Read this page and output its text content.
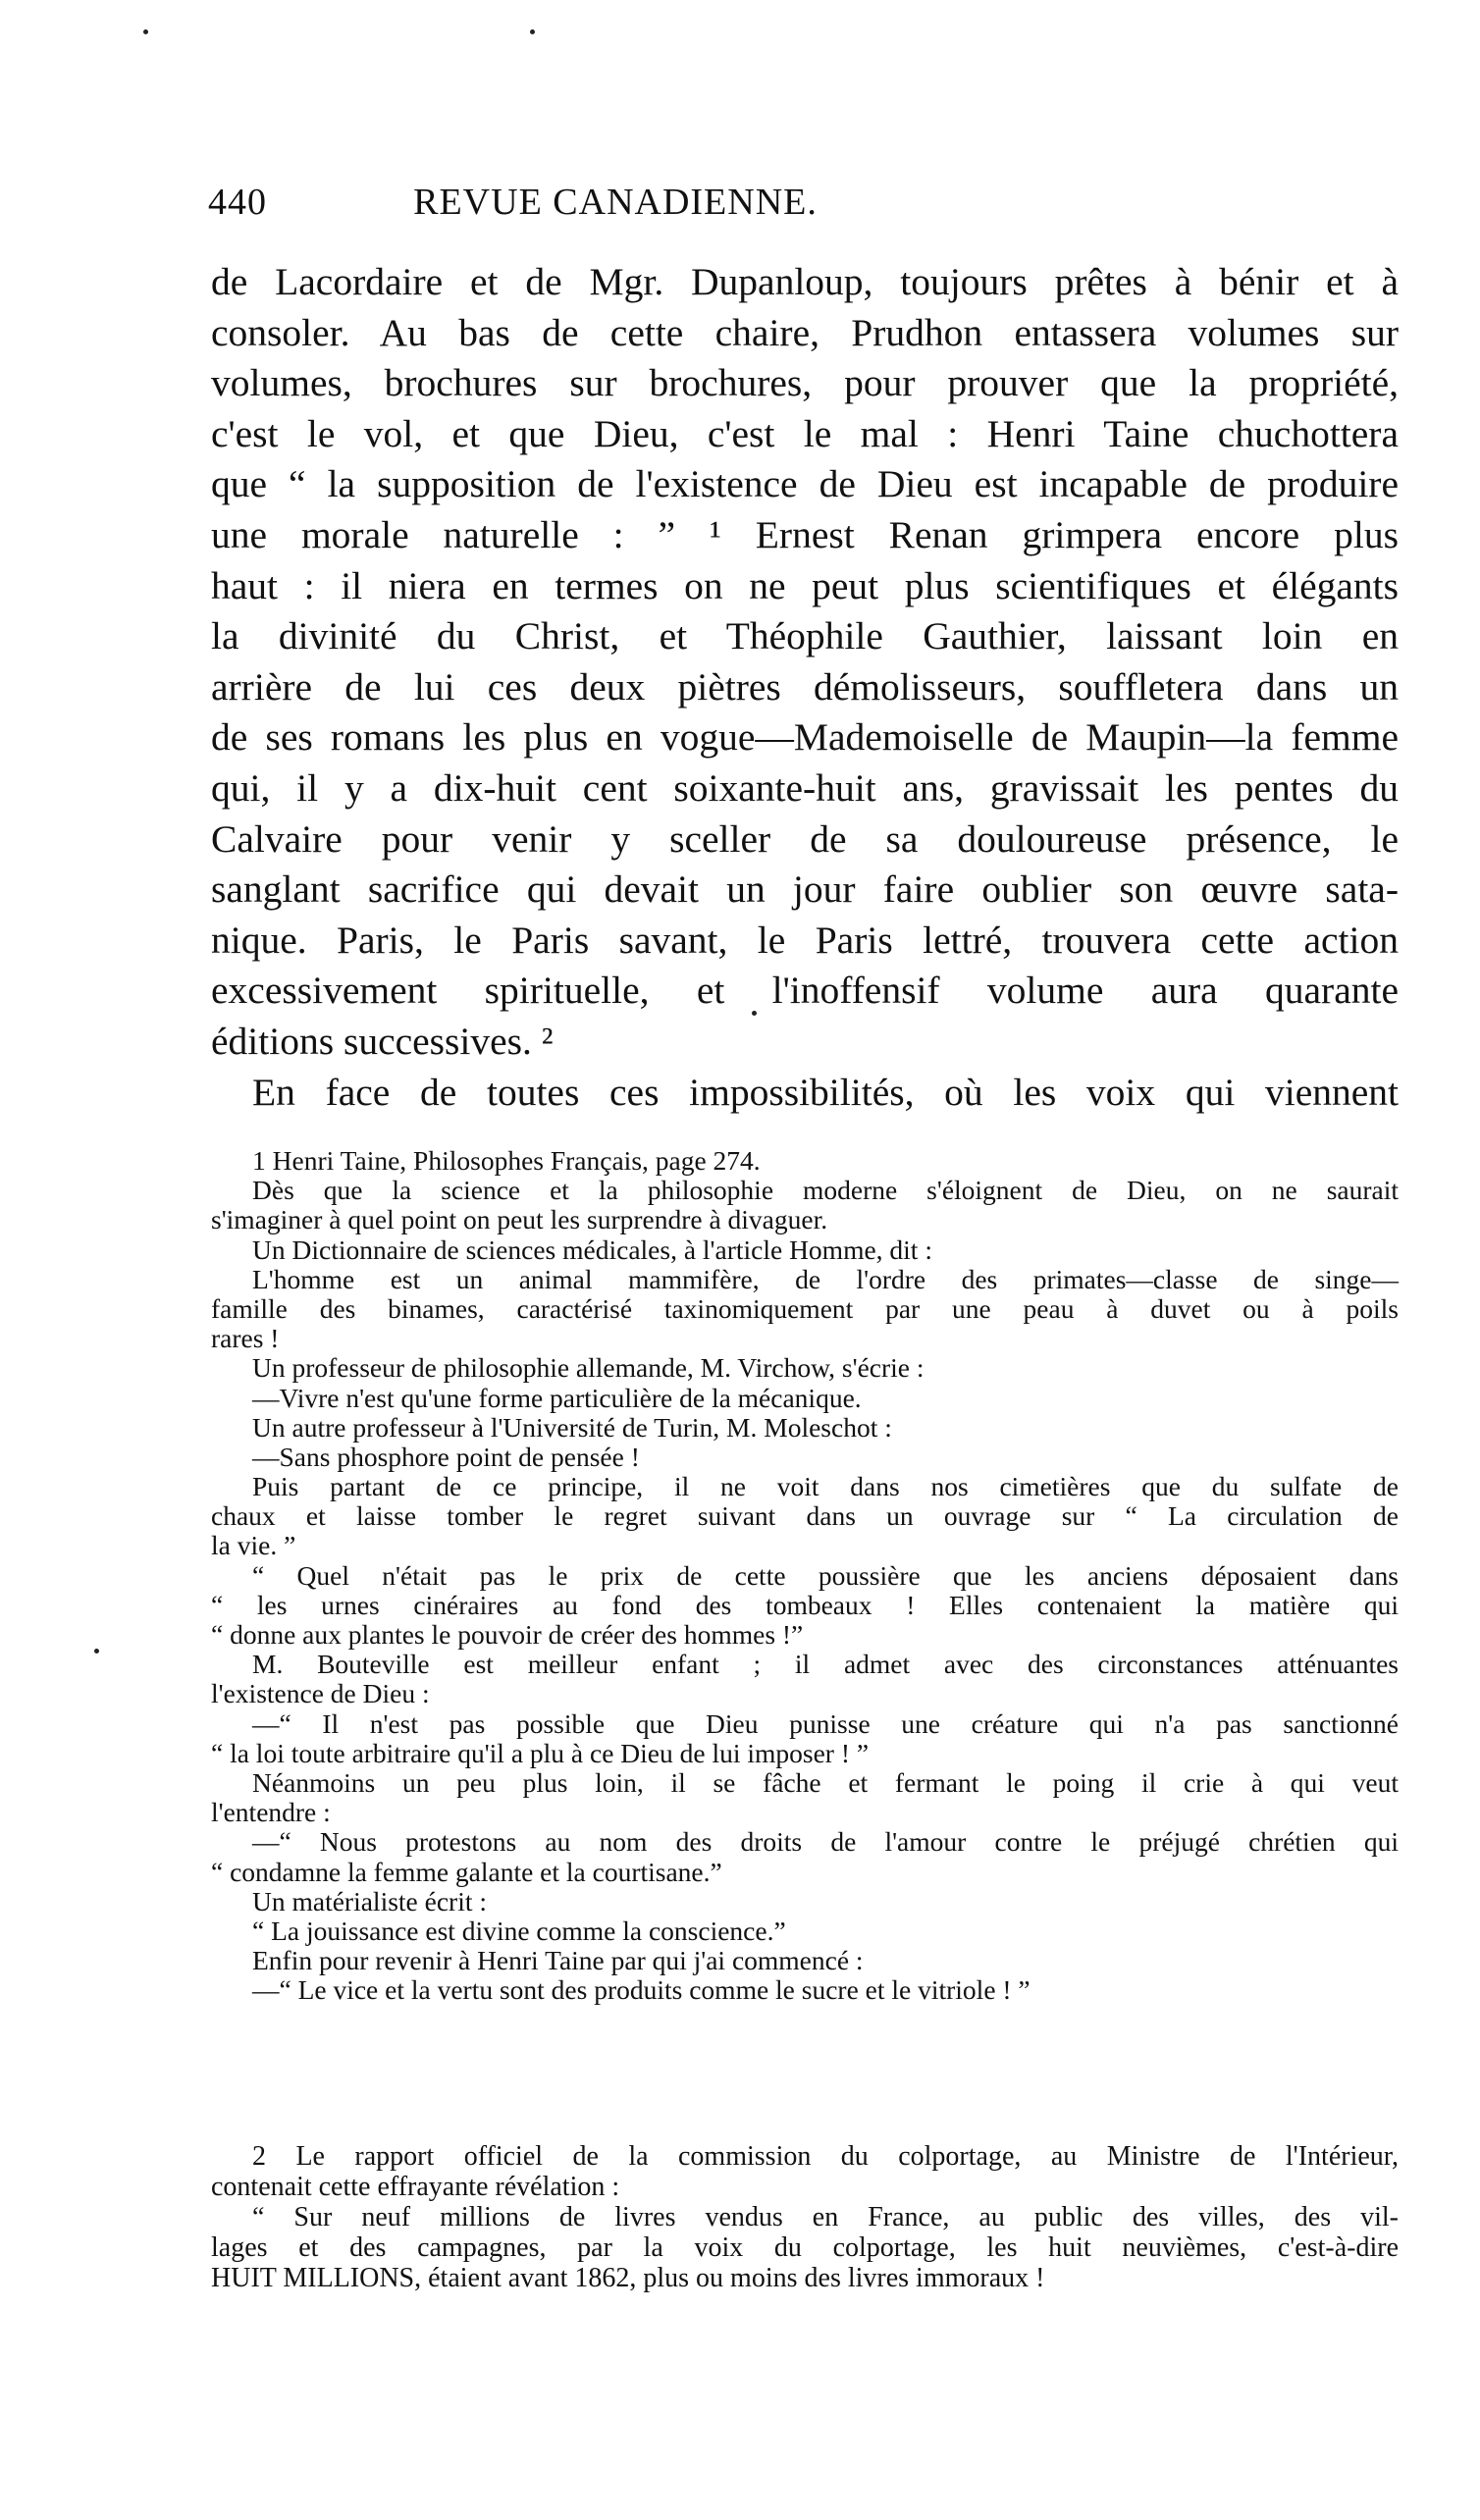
440	REVUE CANADIENNE.
de Lacordaire et de Mgr. Dupanloup, toujours prêtes à bénir et à
consoler. Au bas de cette chaire, Prudhon entassera volumes sur
volumes, brochures sur brochures, pour prouver que la propriété,
c'est le vol, et que Dieu, c'est le mal : Henri Taine chuchottera
que “ la supposition de l'existence de Dieu est incapable de produire
une morale naturelle : ” ¹ Ernest Renan grimpera encore plus
haut : il niera en termes on ne peut plus scientifiques et élégants
la divinité du Christ, et Théophile Gauthier, laissant loin en
arrière de lui ces deux piètres démolisseurs, souffletera dans un
de ses romans les plus en vogue—Mademoiselle de Maupin—la femme
qui, il y a dix-huit cent soixante-huit ans, gravissait les pentes du
Calvaire pour venir y sceller de sa douloureuse présence, le
sanglant sacrifice qui devait un jour faire oublier son œuvre sata-
nique. Paris, le Paris savant, le Paris lettré, trouvera cette action
excessivement spirituelle, et l'inoffensif volume aura quarante
éditions successives. ²
En face de toutes ces impossibilités, où les voix qui viennent
1 Henri Taine, Philosophes Français, page 274.
Dès que la science et la philosophie moderne s'éloignent de Dieu, on ne saurait
s'imaginer à quel point on peut les surprendre à divaguer.
Un Dictionnaire de sciences médicales, à l'article Homme, dit :
L'homme est un animal mammifère, de l'ordre des primates—classe de singe—
famille des binames, caractérisé taxinomiquement par une peau à duvet ou à poils
rares !
Un professeur de philosophie allemande, M. Virchow, s'écrie :
—Vivre n'est qu'une forme particulière de la mécanique.
Un autre professeur à l'Université de Turin, M. Moleschot :
—Sans phosphore point de pensée !
Puis partant de ce principe, il ne voit dans nos cimetières que du sulfate de
chaux et laisse tomber le regret suivant dans un ouvrage sur “ La circulation de
la vie. ”
“ Quel n'était pas le prix de cette poussière que les anciens déposaient dans
“ les urnes cinéraires au fond des tombeaux ! Elles contenaient la matière qui
“ donne aux plantes le pouvoir de créer des hommes !”
M. Bouteville est meilleur enfant ; il admet avec des circonstances atténuantes
l'existence de Dieu :
—“ Il n'est pas possible que Dieu punisse une créature qui n'a pas sanctionné
“ la loi toute arbitraire qu'il a plu à ce Dieu de lui imposer ! ”
Néanmoins un peu plus loin, il se fâche et fermant le poing il crie à qui veut
l'entendre :
—“ Nous protestons au nom des droits de l'amour contre le préjugé chrétien qui
“ condamne la femme galante et la courtisane.”
Un matérialiste écrit :
“ La jouissance est divine comme la conscience.”
Enfin pour revenir à Henri Taine par qui j'ai commencé :
—“ Le vice et la vertu sont des produits comme le sucre et le vitriole ! ”
2 Le rapport officiel de la commission du colportage, au Ministre de l'Intérieur,
contenait cette effrayante révélation :
“ Sur neuf millions de livres vendus en France, au public des villes, des vil-
lages et des campagnes, par la voix du colportage, les huit neuvièmes, c'est-à-dire
HUIT MILLIONS, étaient avant 1862, plus ou moins des livres immoraux !
